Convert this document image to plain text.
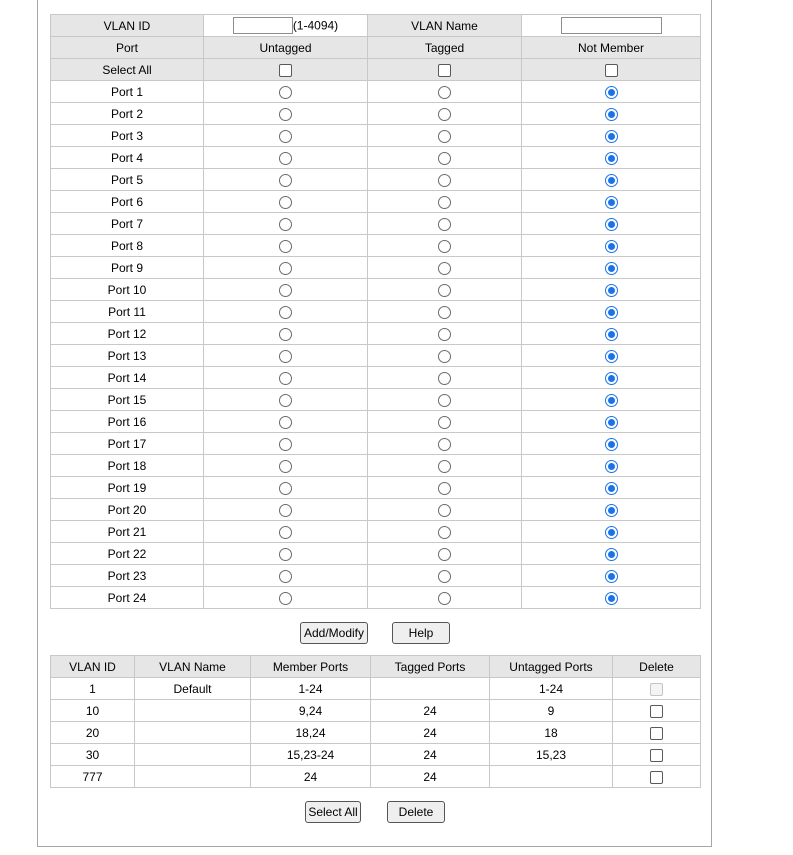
VLAN ID	(1-4094)	VLAN Name	
Port	Untagged	Tagged	Not Member
Select All			
Port 1			
Port 2			
Port 3			
Port 4			
Port 5			
Port 6			
Port 7			
Port 8			
Port 9			
Port 10			
Port 11			
Port 12			
Port 13			
Port 14			
Port 15			
Port 16			
Port 17			
Port 18			
Port 19			
Port 20			
Port 21			
Port 22			
Port 23			
Port 24			
Add/Modify	Help
VLAN ID	VLAN Name	Member Ports	Tagged Ports	Untagged Ports	Delete
1	Default	1-24		1-24	
10		9,24	24	9	
20		18,24	24	18	
30		15,23-24	24	15,23	
777		24	24		
Select All	Delete
